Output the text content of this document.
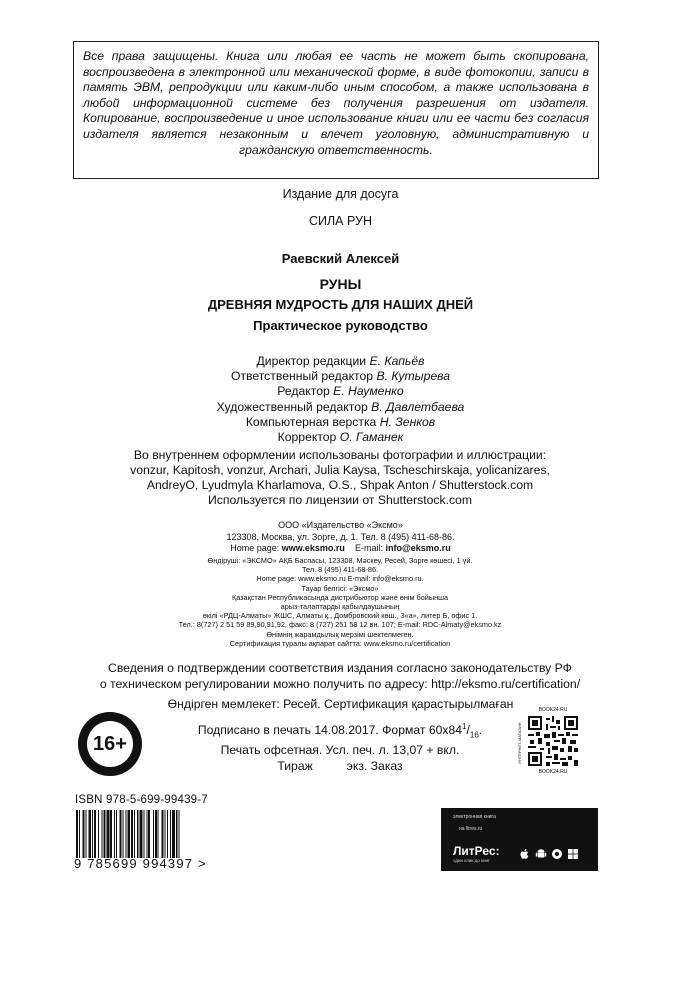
Все права защищены. Книга или любая ее часть не может быть скопирована, воспроизведена в электронной или механической форме, в виде фотокопии, записи в память ЭВМ, репродукции или каким-либо иным способом, а также использована в любой информационной системе без получения разрешения от издателя. Копирование, воспроизведение и иное использование книги или ее части без согласия издателя является незаконным и влечет уголовную, административную и гражданскую ответственность.
Издание для досуга
СИЛА РУН
Раевский Алексей
РУНЫ
ДРЕВНЯЯ МУДРОСТЬ ДЛЯ НАШИХ ДНЕЙ
Практическое руководство
Директор редакции Е. Капьёв
Ответственный редактор В. Кутырева
Редактор Е. Науменко
Художественный редактор В. Давлетбаева
Компьютерная верстка Н. Зенков
Корректор О. Гаманек
Во внутреннем оформлении использованы фотографии и иллюстрации:
vonzur, Kapitosh, vonzur, Archari, Julia Kaysa, Tscheschirskaja, yolicanizares,
AndreyO, Lyudmyla Kharlamova, O.S., Shpak Anton / Shutterstock.com
Используется по лицензии от Shutterstock.com
ООО «Издательство «Эксмо»
123308, Москва, ул. Зорге, д. 1. Тел. 8 (495) 411-68-86.
Home page: www.eksmo.ru E-mail: info@eksmo.ru
Өндіруші: «ЭКСМО» АҚБ Баспасы, 123308, Мәскеу, Ресей, Зорге көшесі, 1 үй.
Тел. 8 (495) 411-68-86.
Home page: www.eksmo.ru E-mail: info@eksmo.ru.
Тауар белгісі: «Эксмо»
Қазақстан Республикасында дистрибьютор және өнім бойынша
арыз-талаптарды қабылдаушының
өкілі «РДЦ-Алматы» ЖШС, Алматы қ., Домбровский көш., 3«а», литер Б, офис 1.
Тел.: 8(727) 2 51 59 89,90,91,92, факс: 8 (727) 251 58 12 вн. 107; E-mail: RDC-Almaty@eksmo.kz
Өнімнің жарамдылық мерзімі шектелмеген.
Сертификация туралы ақпарат сайтта: www.eksmo.ru/certification
Сведения о подтверждении соответствия издания согласно законодательству РФ
о техническом регулировании можно получить по адресу: http://eksmo.ru/certification/
Өндірген мемлекет: Ресей. Сертификация қарастырылмаған
Подписано в печать 14.08.2017. Формат $60х84^1/_{16}$.
Печать офсетная. Усл. печ. л. 13,07 + вкл.
Тираж          экз. Заказ
16+
BOOK24.RU
ИНТЕРНЕТ-МАГАЗИН
BOOK24.RU
ISBN 978-5-699-99439-7
9 785699 994397 >
электронная книга
на litres.ru
ЛитРес:
один клик до книг
